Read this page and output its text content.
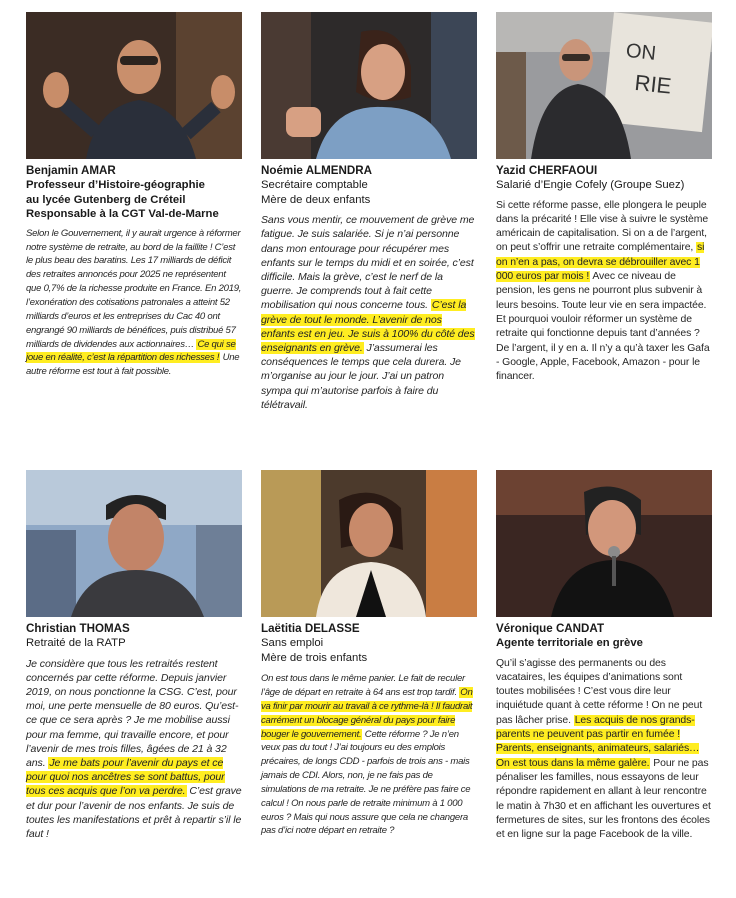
Benjamin AMAR
Professeur d’Histoire-géographie
au lycée Gutenberg de Créteil
Responsable à la CGT Val-de-Marne
Selon le Gouvernement, il y aurait urgence à réformer notre système de retraite, au bord de la faillite ! C’est le plus beau des baratins. Les 17 milliards de déficit des retraites annoncés pour 2025 ne représentent que 0,7% de la richesse produite en France. En 2019, l’exonération des cotisations patronales a atteint 52 milliards d’euros et les entreprises du Cac 40 ont engrangé 90 milliards de bénéfices, puis distribué 57 milliards de dividendes aux actionnaires… Ce qui se joue en réalité, c’est la répartition des richesses ! Une autre réforme est tout à fait possible.
Noémie ALMENDRA
Secrétaire comptable
Mère de deux enfants
Sans vous mentir, ce mouvement de grève me fatigue. Je suis salariée. Si je n’ai personne dans mon entourage pour récupérer mes enfants sur le temps du midi et en soirée, c’est difficile. Mais la grève, c’est le nerf de la guerre. Je comprends tout à fait cette mobilisation qui nous concerne tous. C’est la grève de tout le monde. L’avenir de nos enfants est en jeu. Je suis à 100% du côté des enseignants en grève. J’assumerai les conséquences le temps que cela durera. Je m’organise au jour le jour. J’ai un patron sympa qui m’autorise parfois à faire du télétravail.
ON
RIE
Yazid CHERFAOUI
Salarié d’Engie Cofely (Groupe Suez)
Si cette réforme passe, elle plongera le peuple dans la précarité ! Elle vise à suivre le système américain de capitalisation. Si on a de l’argent, on peut s’offrir une retraite complémentaire, si on n’en a pas, on devra se débrouiller avec 1 000 euros par mois ! Avec ce niveau de pension, les gens ne pourront plus subvenir à leurs besoins. Toute leur vie en sera impactée. Et pourquoi vouloir réformer un système de retraite qui fonctionne depuis tant d’années ? De l’argent, il y en a. Il n’y a qu’à taxer les Gafa - Google, Apple, Facebook, Amazon - pour le financer.
Christian THOMAS
Retraité de la RATP
Je considère que tous les retraités restent concernés par cette réforme. Depuis janvier 2019, on nous ponctionne la CSG. C’est, pour moi, une perte mensuelle de 80 euros. Qu’est-ce que ce sera après ? Je me mobilise aussi pour ma femme, qui travaille encore, et pour l’avenir de mes trois filles, âgées de 21 à 32 ans. Je me bats pour l’avenir du pays et ce pour quoi nos ancêtres se sont battus, pour tous ces acquis que l’on va perdre. C’est grave et dur pour l’avenir de nos enfants. Je suis de toutes les manifestations et prêt à repartir s’il le faut !
Laëtitia DELASSE
Sans emploi
Mère de trois enfants
On est tous dans le même panier. Le fait de reculer l’âge de départ en retraite à 64 ans est trop tardif. On va finir par mourir au travail à ce rythme-là ! Il faudrait carrément un blocage général du pays pour faire bouger le gouvernement. Cette réforme ? Je n’en veux pas du tout ! J’ai toujours eu des emplois précaires, de longs CDD - parfois de trois ans - mais jamais de CDI. Alors, non, je ne fais pas de simulations de ma retraite. Je ne préfère pas faire ce calcul ! On nous parle de retraite minimum à 1 000 euros ? Mais qui nous assure que cela ne changera pas d’ici notre départ en retraite ?
Véronique CANDAT
Agente territoriale en grève
Qu’il s’agisse des permanents ou des vacataires, les équipes d’animations sont toutes mobilisées ! C’est vous dire leur inquiétude quant à cette réforme ! On ne peut pas lâcher prise. Les acquis de nos grands-parents ne peuvent pas partir en fumée ! Parents, enseignants, animateurs, salariés… On est tous dans la même galère. Pour ne pas pénaliser les familles, nous essayons de leur répondre rapidement en allant à leur rencontre le matin à 7h30 et en affichant les ouvertures et fermetures de sites, sur les frontons des écoles et en ligne sur la page Facebook de la ville.
